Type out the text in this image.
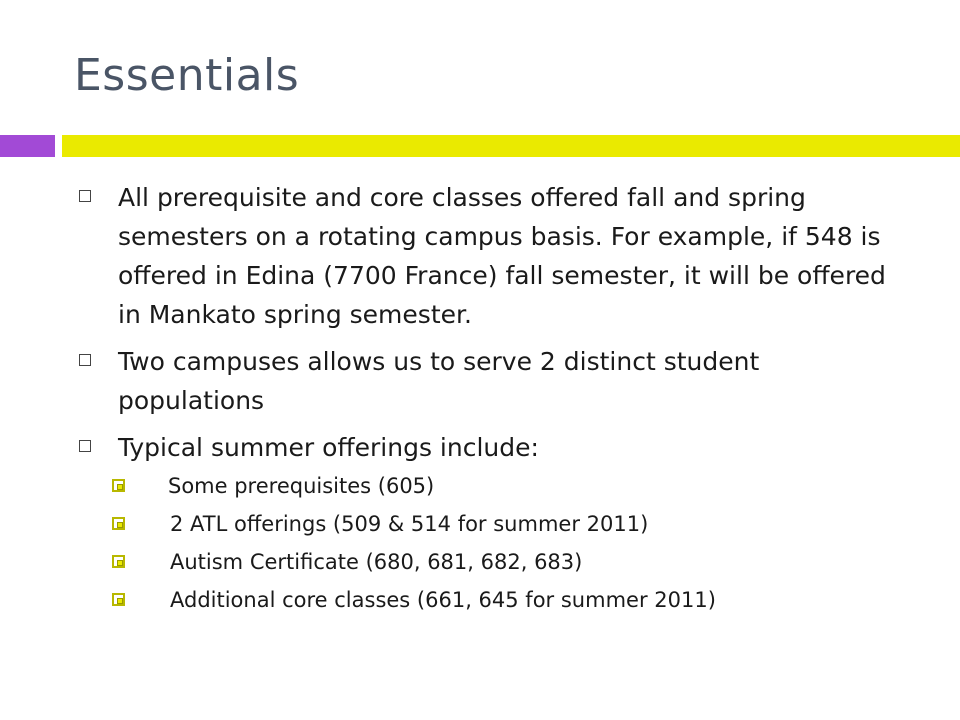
Essentials
All prerequisite and core classes offered fall and spring semesters on a rotating campus basis. For example, if 548 is offered in Edina (7700 France) fall semester, it will be offered in Mankato spring semester.
Two campuses allows us to serve 2 distinct student populations
Typical summer offerings include:
Some prerequisites (605)
2 ATL offerings (509 & 514 for summer 2011)
Autism Certificate (680, 681, 682, 683)
Additional core classes (661, 645 for summer 2011)
